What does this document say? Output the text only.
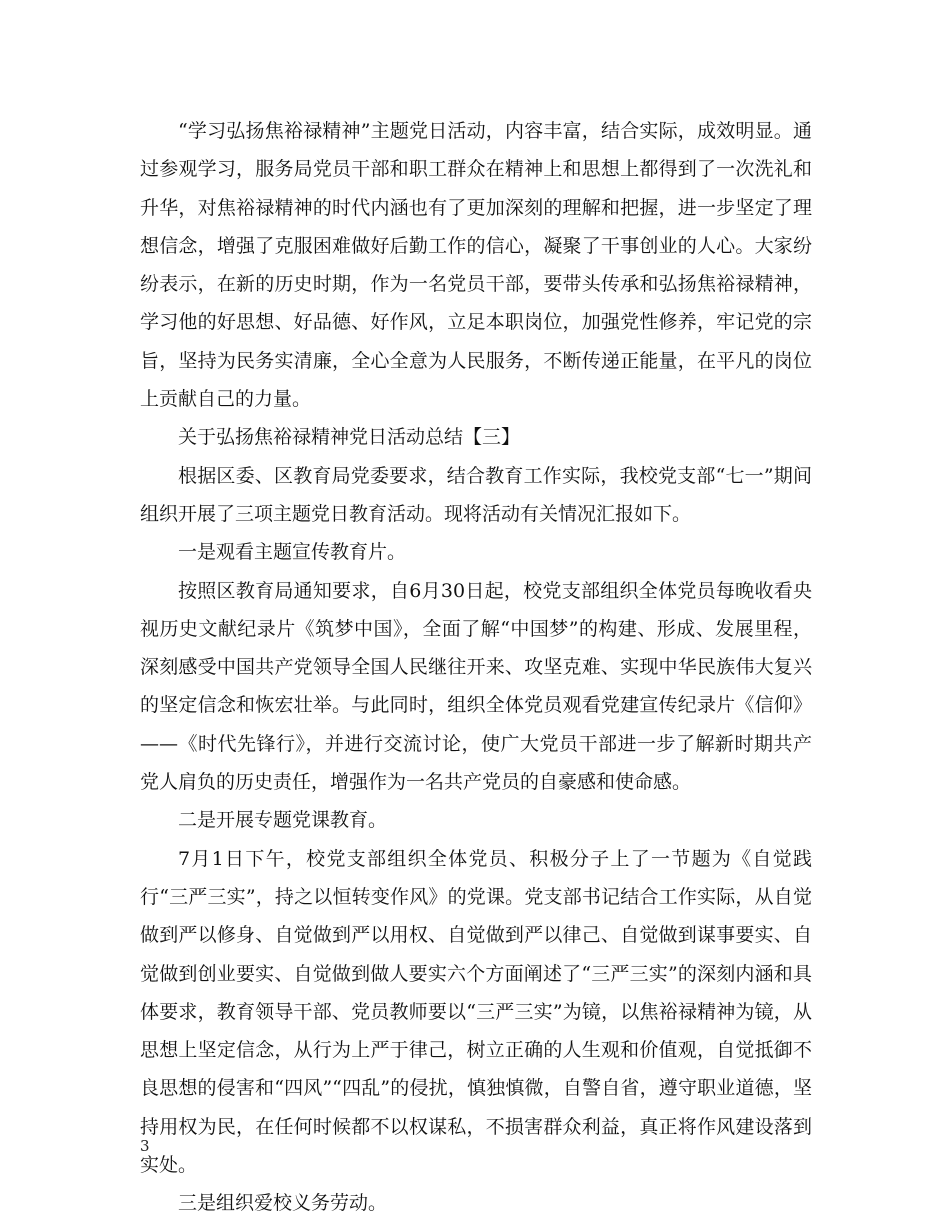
“学习弘扬焦裕禄精神”主题党日活动，内容丰富，结合实际，成效明显。通过参观学习，服务局党员干部和职工群众在精神上和思想上都得到了一次洗礼和升华，对焦裕禄精神的时代内涵也有了更加深刻的理解和把握，进一步坚定了理想信念，增强了克服困难做好后勤工作的信心，凝聚了干事创业的人心。大家纷纷表示，在新的历史时期，作为一名党员干部，要带头传承和弘扬焦裕禄精神，学习他的好思想、好品德、好作风，立足本职岗位，加强党性修养，牢记党的宗旨，坚持为民务实清廉，全心全意为人民服务，不断传递正能量，在平凡的岗位上贡献自己的力量。

关于弘扬焦裕禄精神党日活动总结【三】

根据区委、区教育局党委要求，结合教育工作实际，我校党支部“七一”期间组织开展了三项主题党日教育活动。现将活动有关情况汇报如下。

一是观看主题宣传教育片。

按照区教育局通知要求，自6月30日起，校党支部组织全体党员每晚收看央视历史文献纪录片《筑梦中国》，全面了解“中国梦”的构建、形成、发展里程，深刻感受中国共产党领导全国人民继往开来、攻坚克难、实现中华民族伟大复兴的坚定信念和恢宏壮举。与此同时，组织全体党员观看党建宣传纪录片《信仰》——《时代先锋行》，并进行交流讨论，使广大党员干部进一步了解新时期共产党人肩负的历史责任，增强作为一名共产党员的自豪感和使命感。

二是开展专题党课教育。

7月1日下午，校党支部组织全体党员、积极分子上了一节题为《自觉践行“三严三实”，持之以恒转变作风》的党课。党支部书记结合工作实际，从自觉做到严以修身、自觉做到严以用权、自觉做到严以律己、自觉做到谋事要实、自觉做到创业要实、自觉做到做人要实六个方面阐述了“三严三实”的深刻内涵和具体要求，教育领导干部、党员教师要以“三严三实”为镜，以焦裕禄精神为镜，从思想上坚定信念，从行为上严于律己，树立正确的人生观和价值观，自觉抵御不良思想的侵害和“四风”“四乱”的侵扰，慎独慎微，自警自省，遵守职业道德，坚持用权为民，在任何时候都不以权谋私，不损害群众利益，真正将作风建设落到实处。

三是组织爱校义务劳动。

3
